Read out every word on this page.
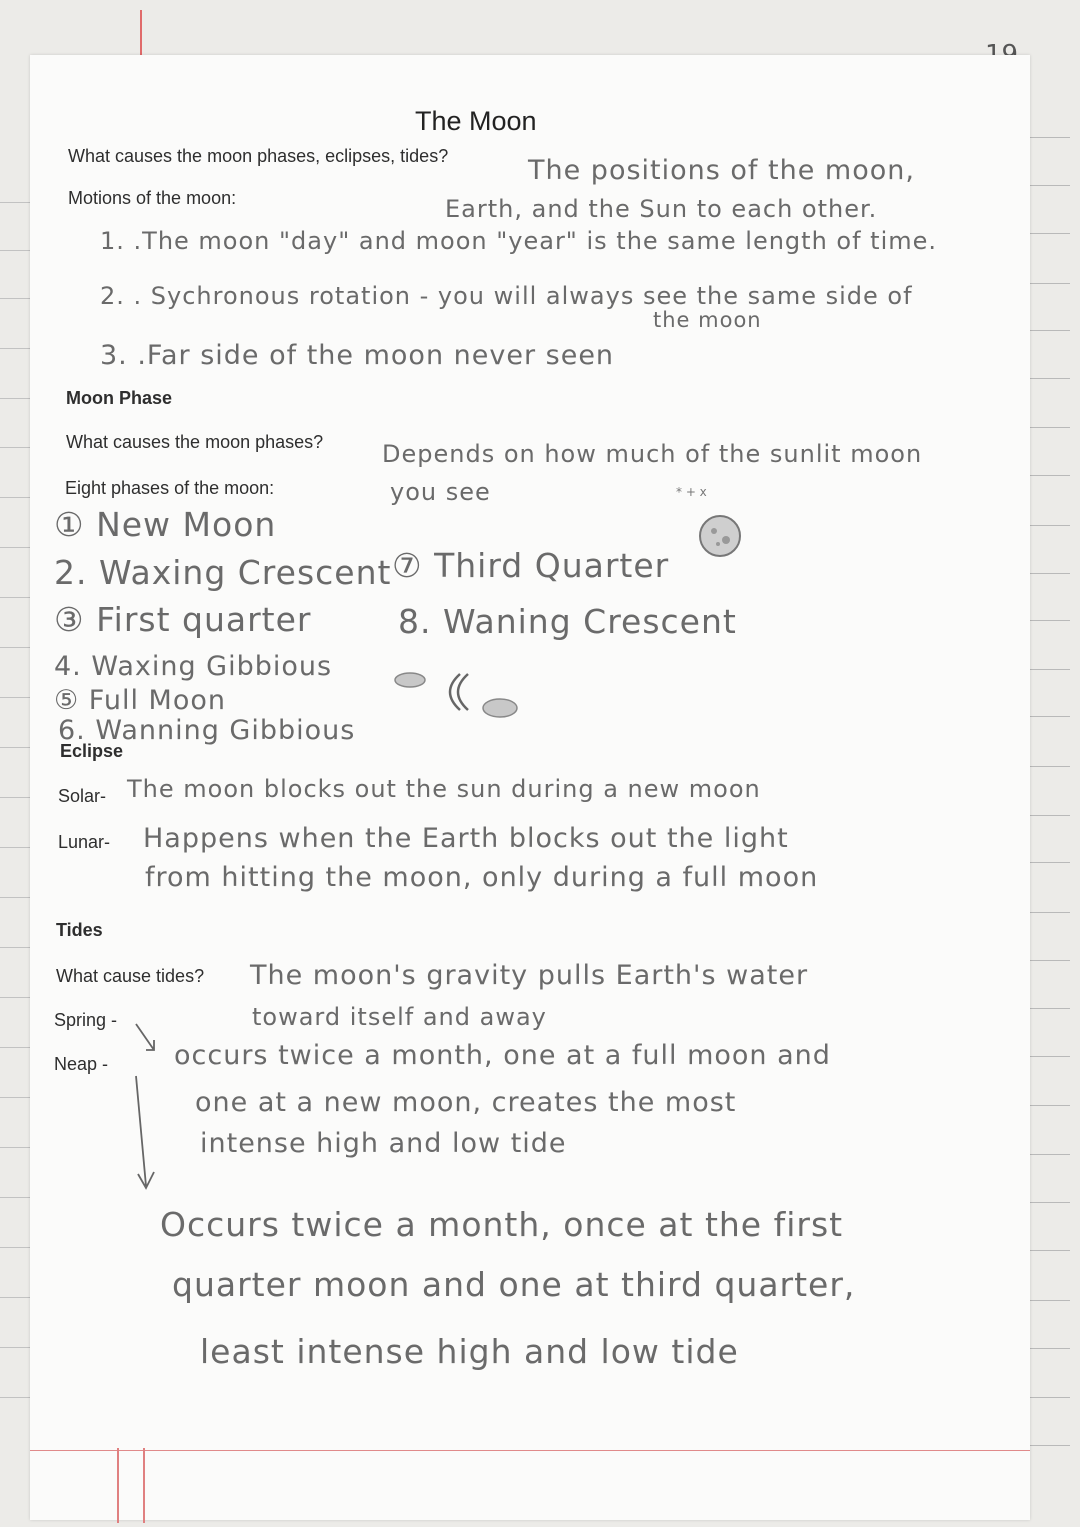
The Moon
What causes the moon phases, eclipses, tides?	The positions of the moon,
Earth, and the Sun to each other.
Motions of the moon:
1. .The moon "day" and moon "year" is the same length of time.
2. . Sychronous rotation - you will always see the same side of
the moon
3. .Far side of the moon never seen
Moon Phase
What causes the moon phases? Depends on how much of the sunlit moon
you see
Eight phases of the moon:
① New Moon
2. Waxing Crescent
③ First quarter
4. Waxing Gibbious
⑤ Full Moon
6. Wanning Gibbious
⑦ Third Quarter
8. Waning Crescent
* + x
Eclipse
Solar- The moon blocks out the sun during a new moon
Lunar- Happens when the Earth blocks out the light
from hitting the moon, only during a full moon
Tides
What cause tides? The moon's gravity pulls Earth's water
toward itself and away
Spring -
Neap - occurs twice a month, one at a full moon and
one at a new moon, creates the most
intense high and low tide
Occurs twice a month, once at the first
quarter moon and one at third quarter,
least intense high and low tide
